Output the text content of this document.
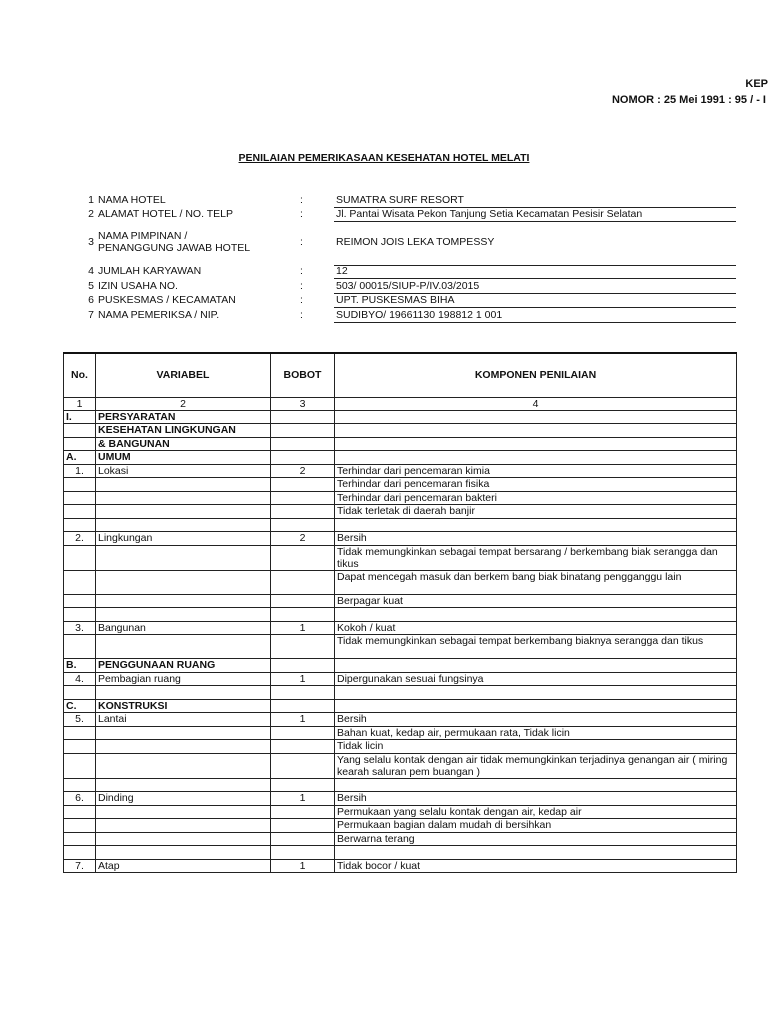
KEP
NOMOR : 25 Mei 1991 : 95 / - I
PENILAIAN PEMERIKASAAN KESEHATAN HOTEL MELATI
1 NAMA HOTEL	:	SUMATRA SURF RESORT
2 ALAMAT HOTEL / NO. TELP	:	Jl. Pantai Wisata Pekon Tanjung Setia Kecamatan Pesisir Selatan
3 NAMA PIMPINAN /
PENANGGUNG JAWAB HOTEL	:	REIMON JOIS LEKA TOMPESSY
4 JUMLAH KARYAWAN	:	12
5 IZIN USAHA NO.	:	503/ 00015/SIUP-P/IV.03/2015
6 PUSKESMAS / KECAMATAN	:	UPT. PUSKESMAS BIHA
7 NAMA PEMERIKSA / NIP.	:	SUDIBYO/ 19661130 198812 1 001
No.	VARIABEL	BOBOT	KOMPONEN PENILAIAN
1	2	3	4
I.	PERSYARATAN		
	KESEHATAN LINGKUNGAN		
	& BANGUNAN		
A.	UMUM		
1.	Lokasi	2	Terhindar dari pencemaran kimia
			Terhindar dari pencemaran fisika
			Terhindar dari pencemaran bakteri
			Tidak terletak di daerah banjir

2.	Lingkungan	2	Bersih
			Tidak memungkinkan sebagai tempat bersarang / berkembang biak serangga dan tikus
			Dapat mencegah masuk dan berkem bang biak binatang pengganggu lain
			Berpagar kuat

3.	Bangunan	1	Kokoh / kuat
			Tidak memungkinkan sebagai tempat berkembang biaknya serangga dan tikus
B.	PENGGUNAAN RUANG		
4.	Pembagian ruang	1	Dipergunakan sesuai fungsinya

C.	KONSTRUKSI		
5.	Lantai	1	Bersih
			Bahan kuat, kedap air, permukaan rata, Tidak licin
			Tidak licin
			Yang selalu kontak dengan air tidak memungkinkan terjadinya genangan air ( miring kearah saluran pem buangan )

6.	Dinding	1	Bersih
			Permukaan yang selalu kontak dengan air, kedap air
			Permukaan bagian dalam mudah di bersihkan
			Berwarna terang

7.	Atap	1	Tidak bocor / kuat
